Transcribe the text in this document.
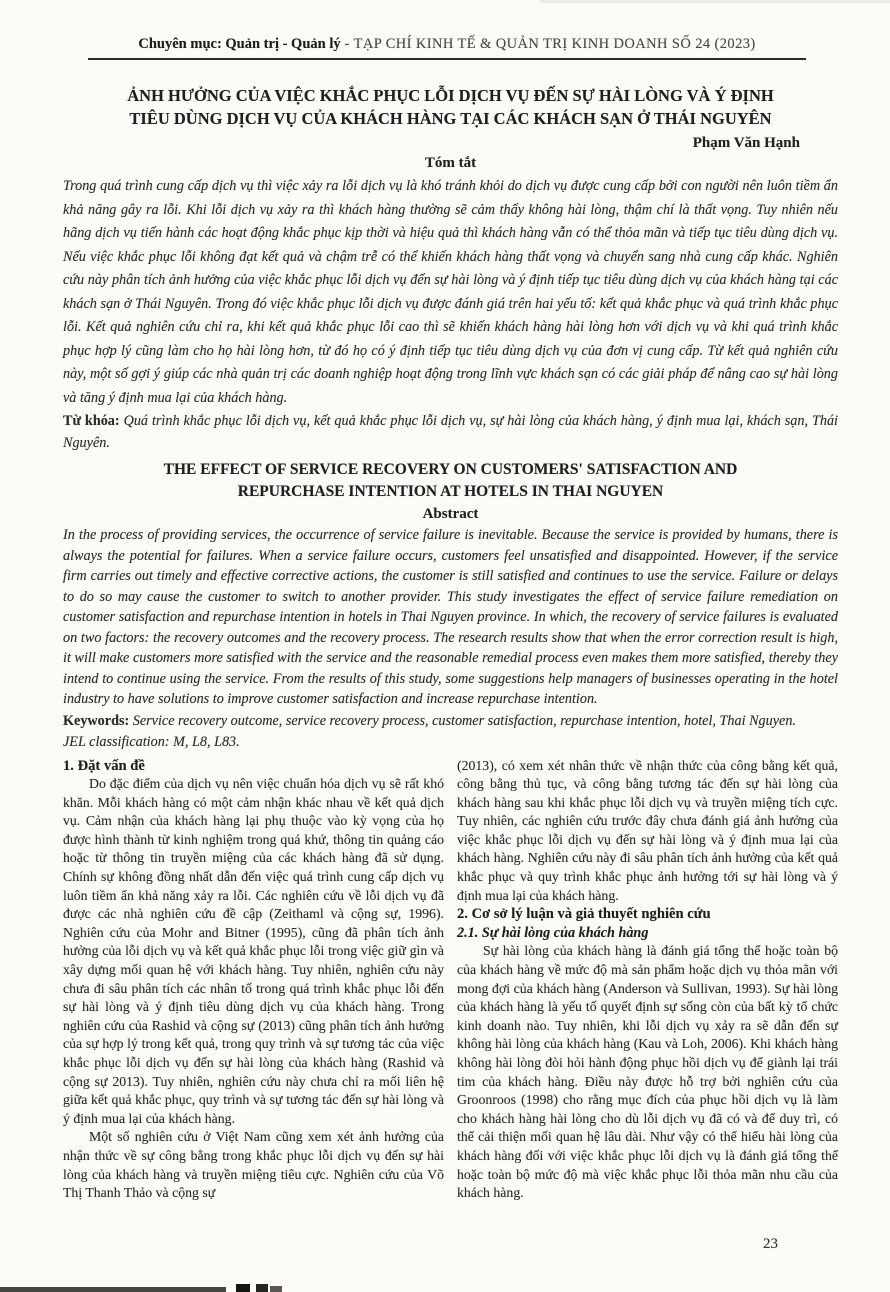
Chuyên mục: Quản trị - Quản lý - TẠP CHÍ KINH TẾ & QUẢN TRỊ KINH DOANH SỐ 24 (2023)
ẢNH HƯỞNG CỦA VIỆC KHẮC PHỤC LỖI DỊCH VỤ ĐẾN SỰ HÀI LÒNG VÀ Ý ĐỊNH
TIÊU DÙNG DỊCH VỤ CỦA KHÁCH HÀNG TẠI CÁC KHÁCH SẠN Ở THÁI NGUYÊN
Phạm Văn Hạnh
Tóm tắt
Trong quá trình cung cấp dịch vụ thì việc xảy ra lỗi dịch vụ là khó tránh khỏi do dịch vụ được cung cấp bởi con người nên luôn tiềm ẩn khả năng gây ra lỗi. Khi lỗi dịch vụ xảy ra thì khách hàng thường sẽ cảm thấy không hài lòng, thậm chí là thất vọng. Tuy nhiên nếu hãng dịch vụ tiến hành các hoạt động khắc phục kịp thời và hiệu quả thì khách hàng vẫn có thể thỏa mãn và tiếp tục tiêu dùng dịch vụ. Nếu việc khắc phục lỗi không đạt kết quả và chậm trễ có thể khiến khách hàng thất vọng và chuyển sang nhà cung cấp khác. Nghiên cứu này phân tích ảnh hưởng của việc khắc phục lỗi dịch vụ đến sự hài lòng và ý định tiếp tục tiêu dùng dịch vụ của khách hàng tại các khách sạn ở Thái Nguyên. Trong đó việc khắc phục lỗi dịch vụ được đánh giá trên hai yếu tố: kết quả khắc phục và quá trình khắc phục lỗi. Kết quả nghiên cứu chỉ ra, khi kết quả khắc phục lỗi cao thì sẽ khiến khách hàng hài lòng hơn với dịch vụ và khi quá trình khắc phục hợp lý cũng làm cho họ hài lòng hơn, từ đó họ có ý định tiếp tục tiêu dùng dịch vụ của đơn vị cung cấp. Từ kết quả nghiên cứu này, một số gợi ý giúp các nhà quản trị các doanh nghiệp hoạt động trong lĩnh vực khách sạn có các giải pháp để nâng cao sự hài lòng và tăng ý định mua lại của khách hàng.
Từ khóa: Quá trình khắc phục lỗi dịch vụ, kết quả khắc phục lỗi dịch vụ, sự hài lòng của khách hàng, ý định mua lại, khách sạn, Thái Nguyên.
THE EFFECT OF SERVICE RECOVERY ON CUSTOMERS' SATISFACTION AND
REPURCHASE INTENTION AT HOTELS IN THAI NGUYEN
Abstract
In the process of providing services, the occurrence of service failure is inevitable. Because the service is provided by humans, there is always the potential for failures. When a service failure occurs, customers feel unsatisfied and disappointed. However, if the service firm carries out timely and effective corrective actions, the customer is still satisfied and continues to use the service. Failure or delays to do so may cause the customer to switch to another provider. This study investigates the effect of service failure remediation on customer satisfaction and repurchase intention in hotels in Thai Nguyen province. In which, the recovery of service failures is evaluated on two factors: the recovery outcomes and the recovery process. The research results show that when the error correction result is high, it will make customers more satisfied with the service and the reasonable remedial process even makes them more satisfied, thereby they intend to continue using the service. From the results of this study, some suggestions help managers of businesses operating in the hotel industry to have solutions to improve customer satisfaction and increase repurchase intention.
Keywords: Service recovery outcome, service recovery process, customer satisfaction, repurchase intention, hotel, Thai Nguyen.
JEL classification: M, L8, L83.
1. Đặt vấn đề

Do đặc điểm của dịch vụ nên việc chuẩn hóa dịch vụ sẽ rất khó khăn. Mỗi khách hàng có một cảm nhận khác nhau về kết quả dịch vụ. Cảm nhận của khách hàng lại phụ thuộc vào kỳ vọng của họ được hình thành từ kinh nghiệm trong quá khứ, thông tin quảng cáo hoặc từ thông tin truyền miệng của các khách hàng đã sử dụng. Chính sự không đồng nhất dẫn đến việc quá trình cung cấp dịch vụ luôn tiềm ẩn khả năng xảy ra lỗi. Các nghiên cứu về lỗi dịch vụ đã được các nhà nghiên cứu đề cập (Zeithaml và cộng sự, 1996). Nghiên cứu của Mohr and Bitner (1995), cũng đã phân tích ảnh hưởng của lỗi dịch vụ và kết quả khắc phục lỗi trong việc giữ gìn và xây dựng mối quan hệ với khách hàng. Tuy nhiên, nghiên cứu này chưa đi sâu phân tích các nhân tố trong quá trình khắc phục lỗi đến sự hài lòng và ý định tiêu dùng dịch vụ của khách hàng. Trong nghiên cứu của Rashid và cộng sự (2013) cũng phân tích ảnh hưởng của sự hợp lý trong kết quả, trong quy trình và sự tương tác của việc khắc phục lỗi dịch vụ đến sự hài lòng của khách hàng (Rashid và cộng sự 2013). Tuy nhiên, nghiên cứu này chưa chỉ ra mối liên hệ giữa kết quả khắc phục, quy trình và sự tương tác đến sự hài lòng và ý định mua lại của khách hàng.

Một số nghiên cứu ở Việt Nam cũng xem xét ảnh hưởng của nhận thức về sự công bằng trong khắc phục lỗi dịch vụ đến sự hài lòng của khách hàng và truyền miệng tiêu cực. Nghiên cứu của Võ Thị Thanh Thảo và cộng sự

(2013), có xem xét nhân thức về nhận thức của công bằng kết quả, công bằng thủ tục, và công bằng tương tác đến sự hài lòng của khách hàng sau khi khắc phục lỗi dịch vụ và truyền miệng tích cực. Tuy nhiên, các nghiên cứu trước đây chưa đánh giá ảnh hưởng của việc khắc phục lỗi dịch vụ đến sự hài lòng và ý định mua lại của khách hàng. Nghiên cứu này đi sâu phân tích ảnh hưởng của kết quả khắc phục và quy trình khắc phục ảnh hưởng tới sự hài lòng và ý định mua lại của khách hàng.

2. Cơ sở lý luận và giả thuyết nghiên cứu
2.1. Sự hài lòng của khách hàng

Sự hài lòng của khách hàng là đánh giá tổng thể hoặc toàn bộ của khách hàng về mức độ mà sản phẩm hoặc dịch vụ thỏa mãn với mong đợi của khách hàng (Anderson và Sullivan, 1993). Sự hài lòng của khách hàng là yếu tố quyết định sự sống còn của bất kỳ tổ chức kinh doanh nào. Tuy nhiên, khi lỗi dịch vụ xảy ra sẽ dẫn đến sự không hài lòng của khách hàng (Kau và Loh, 2006). Khi khách hàng không hài lòng đòi hỏi hành động phục hồi dịch vụ để giành lại trái tim của khách hàng. Điều này được hỗ trợ bởi nghiên cứu của Groonroos (1998) cho rằng mục đích của phục hồi dịch vụ là làm cho khách hàng hài lòng cho dù lỗi dịch vụ đã có và để duy trì, có thể cải thiện mối quan hệ lâu dài. Như vậy có thể hiểu hài lòng của khách hàng đối với việc khắc phục lỗi dịch vụ là đánh giá tổng thể hoặc toàn bộ mức độ mà việc khắc phục lỗi thỏa mãn nhu cầu của khách hàng.

23
